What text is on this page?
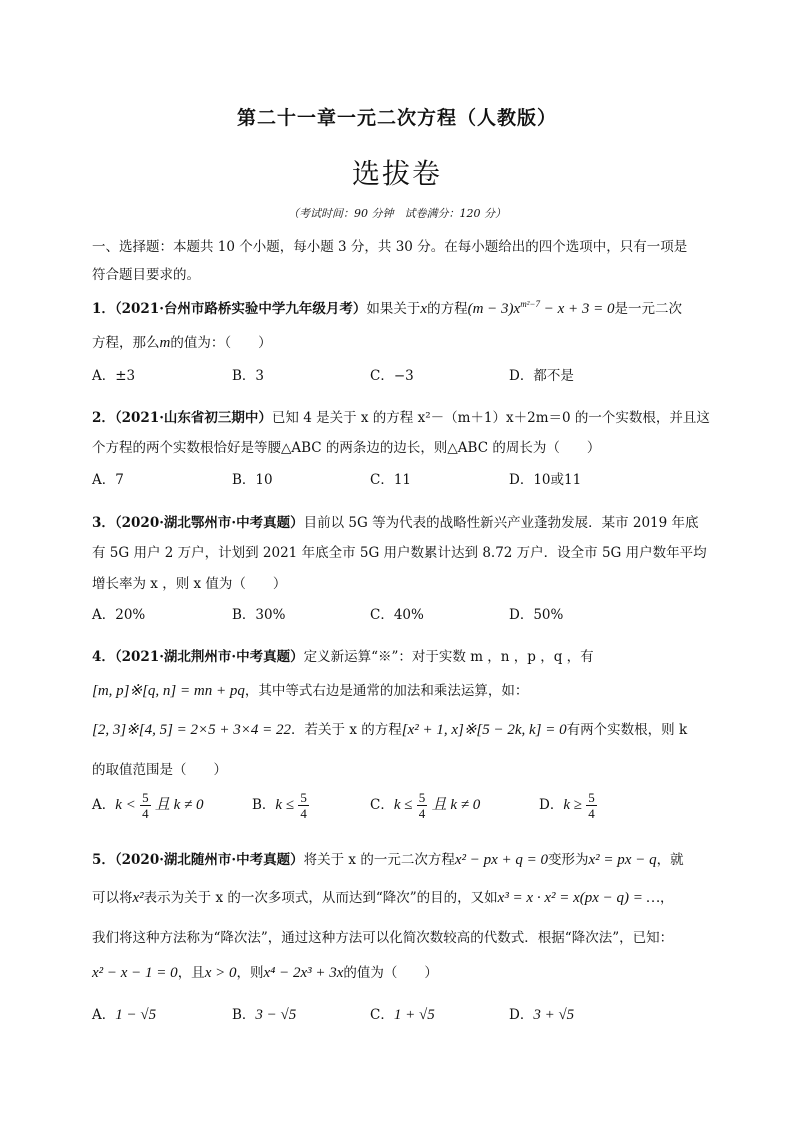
第二十一章一元二次方程（人教版）
选拔卷
（考试时间：90 分钟　试卷满分：120 分）
一、选择题：本题共 10 个小题，每小题 3 分，共 30 分。在每小题给出的四个选项中，只有一项是
符合题目要求的。
1．（2021·台州市路桥实验中学九年级月考）如果关于x的方程$(m - 3)x^{m^2-7} - x + 3 = 0$是一元二次
方程，那么m的值为：（　　）
A．±3	B．3	C．−3	D．都不是
2．（2021·山东省初三期中）已知 4 是关于 x 的方程 x²－（m＋1）x＋2m＝0 的一个实数根，并且这
个方程的两个实数根恰好是等腰△ABC 的两条边的边长，则△ABC 的周长为（　　）
A．7	B．10	C．11	D．10或11
3．（2020·湖北鄂州市·中考真题）目前以 5G 等为代表的战略性新兴产业蓬勃发展．某市 2019 年底
有 5G 用户 2 万户，计划到 2021 年底全市 5G 用户数累计达到 8.72 万户．设全市 5G 用户数年平均
增长率为 x ，则 x 值为（　　）
A．20%	B．30%	C．40%	D．50%
4．（2021·湖北荆州市·中考真题）定义新运算“※”：对于实数 m ，n ，p ，q ，有
[m, p]※[q, n] = mn + pq，其中等式右边是通常的加法和乘法运算，如：
[2, 3]※[4, 5] = 2×5 + 3×4 = 22．若关于 x 的方程[x² + 1, x]※[5 − 2k, k] = 0有两个实数根，则 k
的取值范围是（　　）
A．$k < \frac{5}{4}$ 且 k ≠ 0	B．$k \le \frac{5}{4}$	C．$k \le \frac{5}{4}$ 且 k ≠ 0	D．$k \ge \frac{5}{4}$
5．（2020·湖北随州市·中考真题）将关于 x 的一元二次方程x² − px + q = 0变形为x² = px − q，就
可以将x²表示为关于 x 的一次多项式，从而达到“降次”的目的，又如x³ = x · x² = x(px − q) = …，
我们将这种方法称为“降次法”，通过这种方法可以化简次数较高的代数式．根据“降次法”，已知：
x² − x − 1 = 0，且x > 0，则x⁴ − 2x³ + 3x的值为（　　）
A．1 − √5	B．3 − √5	C．1 + √5	D．3 + √5
